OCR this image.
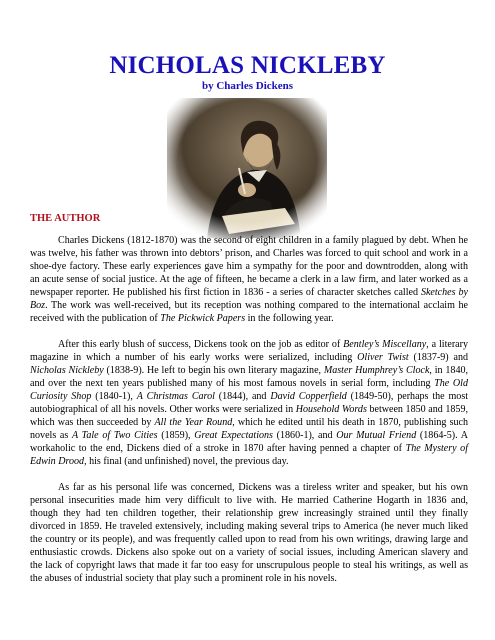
NICHOLAS NICKLEBY
by Charles Dickens
THE AUTHOR

Charles Dickens (1812-1870) was the second of eight children in a family plagued by debt. When he was twelve, his father was thrown into debtors’ prison, and Charles was forced to quit school and work in a shoe-dye factory. These early experiences gave him a sympathy for the poor and downtrodden, along with an acute sense of social justice. At the age of fifteen, he became a clerk in a law firm, and later worked as a newspaper reporter. He published his first fiction in 1836 - a series of character sketches called Sketches by Boz. The work was well-received, but its reception was nothing compared to the international acclaim he received with the publication of The Pickwick Papers in the following year.

After this early blush of success, Dickens took on the job as editor of Bentley’s Miscellany, a literary magazine in which a number of his early works were serialized, including Oliver Twist (1837-9) and Nicholas Nickleby (1838-9). He left to begin his own literary magazine, Master Humphrey’s Clock, in 1840, and over the next ten years published many of his most famous novels in serial form, including The Old Curiosity Shop (1840-1), A Christmas Carol (1844), and David Copperfield (1849-50), perhaps the most autobiographical of all his novels. Other works were serialized in Household Words between 1850 and 1859, which was then succeeded by All the Year Round, which he edited until his death in 1870, publishing such novels as A Tale of Two Cities (1859), Great Expectations (1860-1), and Our Mutual Friend (1864-5). A workaholic to the end, Dickens died of a stroke in 1870 after having penned a chapter of The Mystery of Edwin Drood, his final (and unfinished) novel, the previous day.

As far as his personal life was concerned, Dickens was a tireless writer and speaker, but his own personal insecurities made him very difficult to live with. He married Catherine Hogarth in 1836 and, though they had ten children together, their relationship grew increasingly strained until they finally divorced in 1859. He traveled extensively, including making several trips to America (he never much liked the country or its people), and was frequently called upon to read from his own writings, drawing large and enthusiastic crowds. Dickens also spoke out on a variety of social issues, including American slavery and the lack of copyright laws that made it far too easy for unscrupulous people to steal his writings, as well as the abuses of industrial society that play such a prominent role in his novels.
